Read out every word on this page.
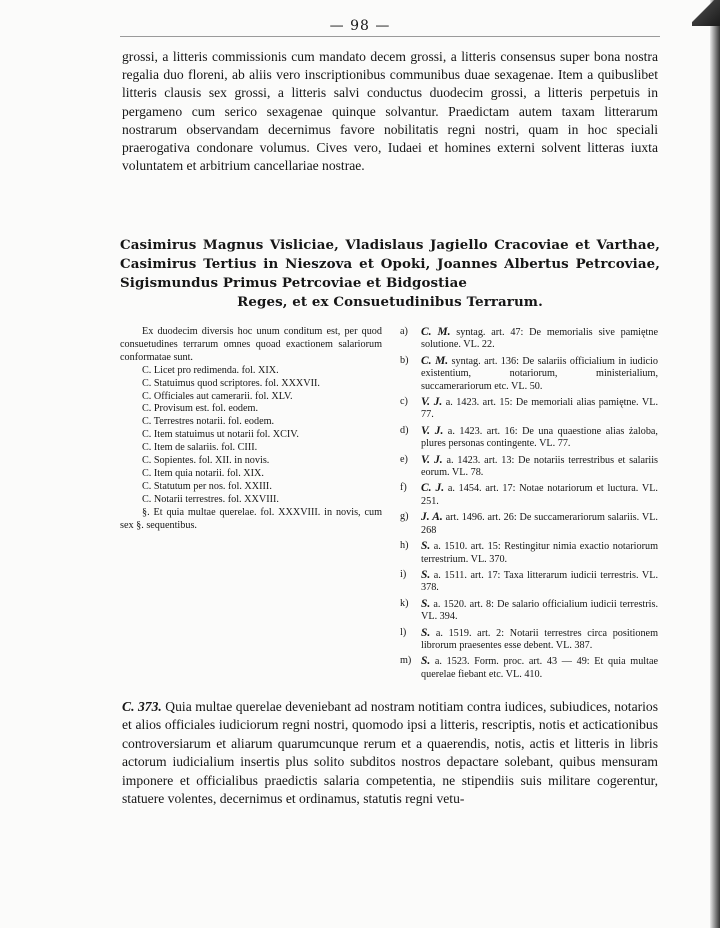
— 98 —

grossi, a litteris commissionis cum mandato decem grossi, a litteris consensus super bona nostra regalia duo floreni, ab aliis vero inscriptionibus communibus duae sexagenae. Item a quibuslibet litteris clausis sex grossi, a litteris salvi conductus duodecim grossi, a litteris perpetuis in pergameno cum serico sexagenae quinque solvantur. Praedictam autem taxam litterarum nostrarum observandam decernimus favore nobilitatis regni nostri, quam in hoc speciali praerogativa condonare volumus. Cives vero, Iudaei et homines externi solvent litteras iuxta voluntatem et arbitrium cancellariae nostrae.

Casimirus Magnus Visliciae, Vladislaus Jagiello Cracoviae et Varthae, Casimirus Tertius in Nieszova et Opoki, Joannes Albertus Petrcoviae, Sigismundus Primus Petrcoviae et Bidgostiae
Reges, et ex Consuetudinibus Terrarum.

Ex duodecim diversis hoc unum conditum est, per quod consuetudines terrarum omnes quoad exactionem salariorum conformatae sunt.

C. Licet pro redimenda. fol. XIX.

C. Statuimus quod scriptores. fol. XXXVII.

C. Officiales aut camerarii. fol. XLV.

C. Provisum est. fol. eodem.

C. Terrestres notarii. fol. eodem.

C. Item statuimus ut notarii fol. XCIV.

C. Item de salariis. fol. CIII.

C. Sopientes. fol. XII. in novis.

C. Item quia notarii. fol. XIX.

C. Statutum per nos. fol. XXIII.

C. Notarii terrestres. fol. XXVIII.

§. Et quia multae querelae. fol. XXXVIII. in novis, cum sex §. sequentibus.

a) C. M. syntag. art. 47: De memorialis sive pamiętne solutione. VL. 22.

b) C. M. syntag. art. 136: De salariis officialium in iudicio existentium, notariorum, ministerialium, succamerariorum etc. VL. 50.

c) V. J. a. 1423. art. 15: De memoriali alias pamiętne. VL. 77.

d) V. J. a. 1423. art. 16: De una quaestione alias żaloba, plures personas contingente. VL. 77.

e) V. J. a. 1423. art. 13: De notariis terrestribus et salariis eorum. VL. 78.

f) C. J. a. 1454. art. 17: Notae notariorum et luctura. VL. 251.

g) J. A. art. 1496. art. 26: De succamerariorum salariis. VL. 268

h) S. a. 1510. art. 15: Restingitur nimia exactio notariorum terrestrium. VL. 370.

i) S. a. 1511. art. 17: Taxa litterarum iudicii terrestris. VL. 378.

k) S. a. 1520. art. 8: De salario officialium iudicii terrestris. VL. 394.

l) S. a. 1519. art. 2: Notarii terrestres circa positionem librorum praesentes esse debent. VL. 387.

m) S. a. 1523. Form. proc. art. 43 — 49: Et quia multae querelae fiebant etc. VL. 410.

C. 373. Quia multae querelae deveniebant ad nostram notitiam contra iudices, subiudices, notarios et alios officiales iudiciorum regni nostri, quomodo ipsi a litteris, rescriptis, notis et acticationibus controversiarum et aliarum quarumcunque rerum et a quaerendis, notis, actis et litteris in libris actorum iudicialium insertis plus solito subditos nostros depactare solebant, quibus mensuram imponere et officialibus praedictis salaria competentia, ne stipendiis suis militare cogerentur, statuere volentes, decernimus et ordinamus, statutis regni vetu-
